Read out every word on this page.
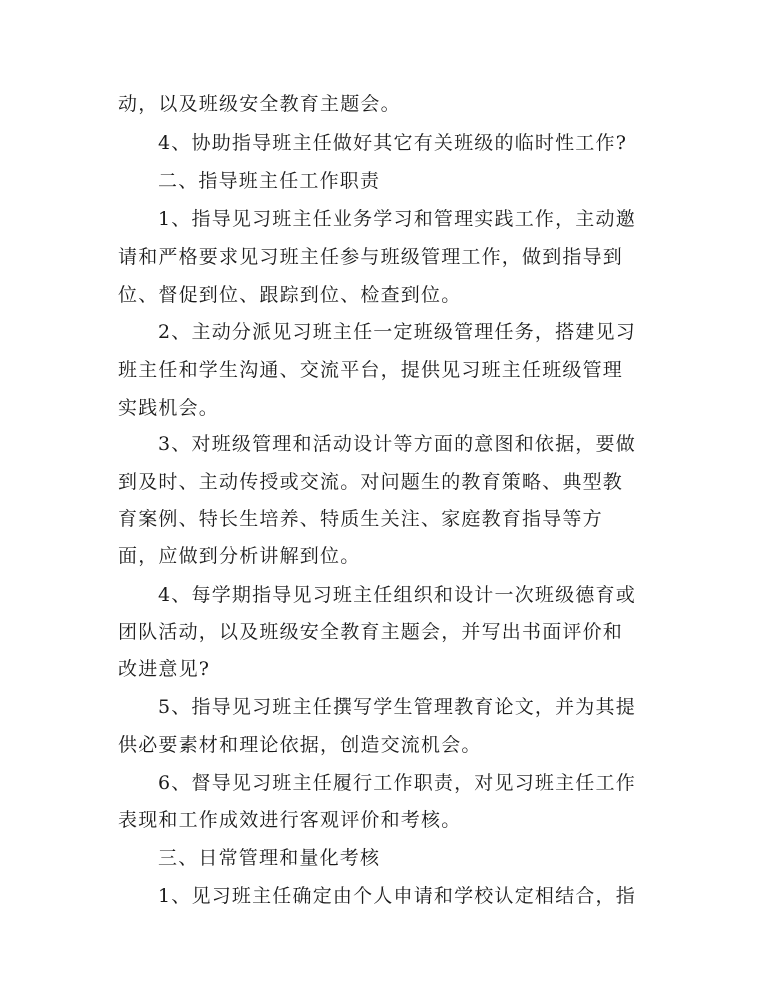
动，以及班级安全教育主题会。
4、协助指导班主任做好其它有关班级的临时性工作?
二、指导班主任工作职责
1、指导见习班主任业务学习和管理实践工作，主动邀
请和严格要求见习班主任参与班级管理工作，做到指导到
位、督促到位、跟踪到位、检查到位。
2、主动分派见习班主任一定班级管理任务，搭建见习
班主任和学生沟通、交流平台，提供见习班主任班级管理
实践机会。
3、对班级管理和活动设计等方面的意图和依据，要做
到及时、主动传授或交流。对问题生的教育策略、典型教
育案例、特长生培养、特质生关注、家庭教育指导等方
面，应做到分析讲解到位。
4、每学期指导见习班主任组织和设计一次班级德育或
团队活动，以及班级安全教育主题会，并写出书面评价和
改进意见?
5、指导见习班主任撰写学生管理教育论文，并为其提
供必要素材和理论依据，创造交流机会。
6、督导见习班主任履行工作职责，对见习班主任工作
表现和工作成效进行客观评价和考核。
三、日常管理和量化考核
1、见习班主任确定由个人申请和学校认定相结合，指
